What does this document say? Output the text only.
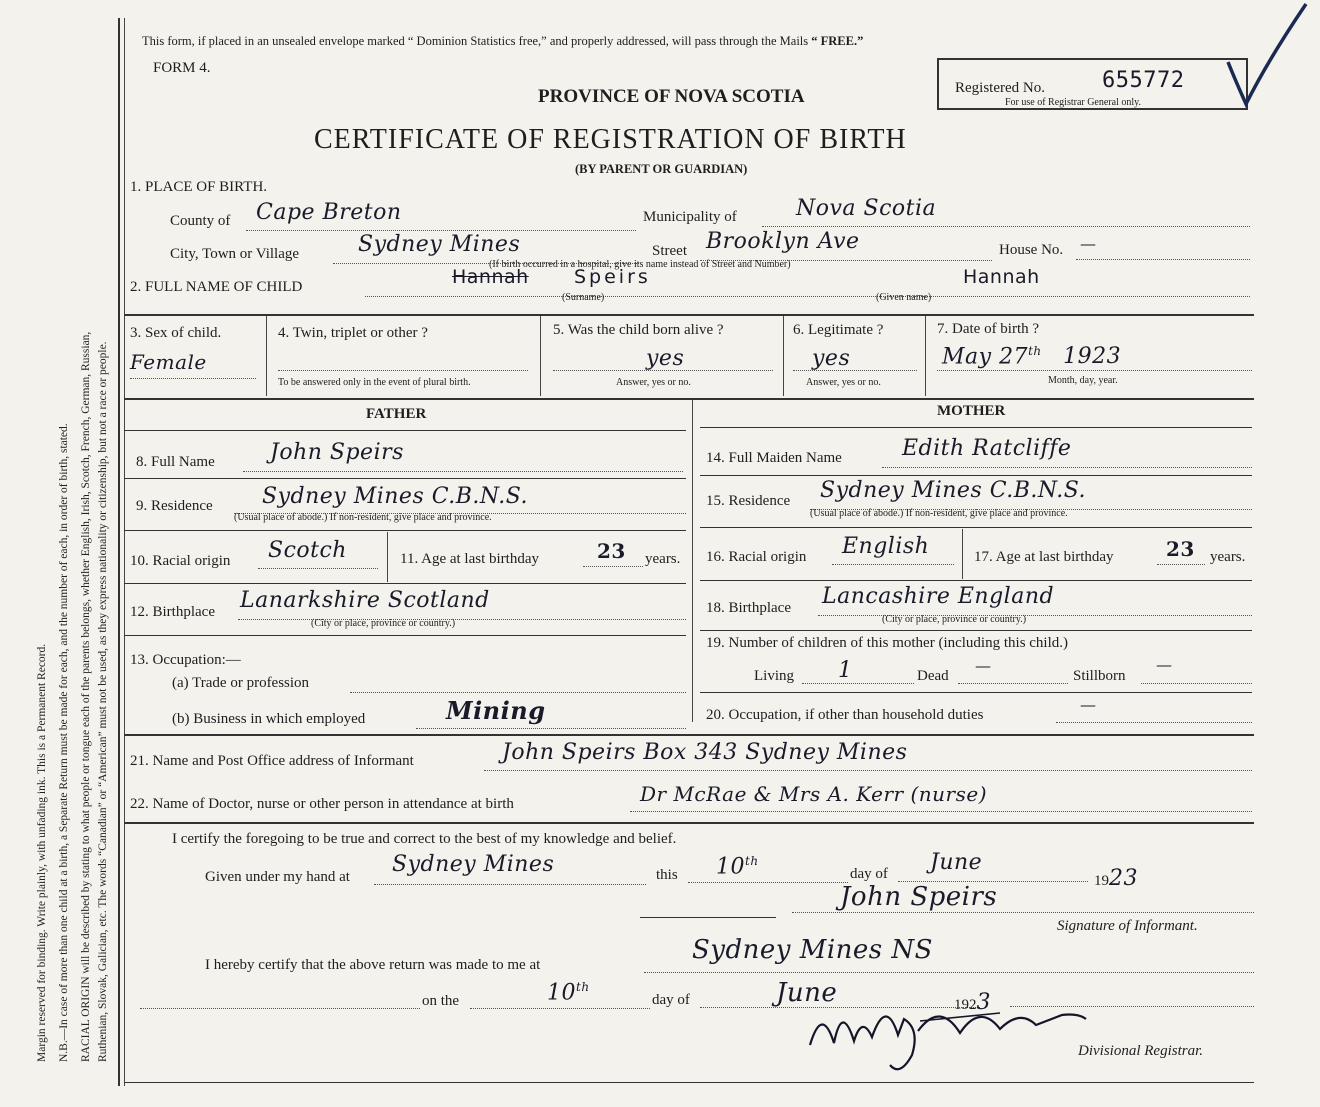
Margin reserved for binding. Write plainly, with unfading ink. This is a Permanent Record. N.B.—In case of more than one child at a birth, a Separate Return must be made for each, and the number of each, in order of birth, stated. RACIAL ORIGIN will be described by stating to what people or tongue each of the parents belongs, whether English, Irish, Scotch, French, German, Russian, Ruthenian, Slovak, Galician, etc. The words “Canadian” or “American” must not be used, as they express nationality or citizenship, but not a race or people.
This form, if placed in an unsealed envelope marked “ Dominion Statistics free,” and properly addressed, will pass through the Mails “ FREE.”
FORM 4.
PROVINCE OF NOVA SCOTIA
CERTIFICATE OF REGISTRATION OF BIRTH
(BY PARENT OR GUARDIAN)
Registered No.	655772
For use of Registrar General only.
1. PLACE OF BIRTH.
County of Cape Breton	Municipality of	Nova Scotia
City, Town or Village	Sydney Mines	Street Brooklyn Ave	House No. —
(If birth occurred in a hospital, give its name instead of Street and Number)
2. FULL NAME OF CHILD	Hannah Speirs
(Surname)
Hannah
(Given name)
3. Sex of child.
Female
4. Twin, triplet or other ?
To be answered only in the event of plural birth.
5. Was the child born alive ?
yes
Answer, yes or no.
6. Legitimate ?
yes
Answer, yes or no.
7. Date of birth ?
May 27th 1923
Month, day, year.
FATHER
8. Full Name	John Speirs
9. Residence Sydney Mines C.B.N.S.
(Usual place of abode.) If non-resident, give place and province.
10. Racial origin Scotch	11. Age at last birthday	23 years.
12. Birthplace Lanarkshire Scotland
(City or place, province or country.)
13. Occupation:—
(a) Trade or profession
(b) Business in which employed	Mining
MOTHER
14. Full Maiden Name	Edith Ratcliffe
15. Residence Sydney Mines C.B.N.S.
(Usual place of abode.) If non-resident, give place and province.
16. Racial origin English	17. Age at last birthday	23 years.
18. Birthplace Lancashire England
(City or place, province or country.)
19. Number of children of this mother (including this child.)
Living 1	Dead
—
Stillborn
—
20. Occupation, if other than household duties
—
21. Name and Post Office address of Informant	John Speirs Box 343 Sydney Mines
22. Name of Doctor, nurse or other person in attendance at birth	Dr McRae & Mrs A. Kerr (nurse)
I certify the foregoing to be true and correct to the best of my knowledge and belief.
Given under my hand at Sydney Mines	this 10th
day of June
1923
John Speirs
Signature of Informant.
I hereby certify that the above return was made to me at	Sydney Mines NS
on the	10th
day of	June	1923
Divisional Registrar.
